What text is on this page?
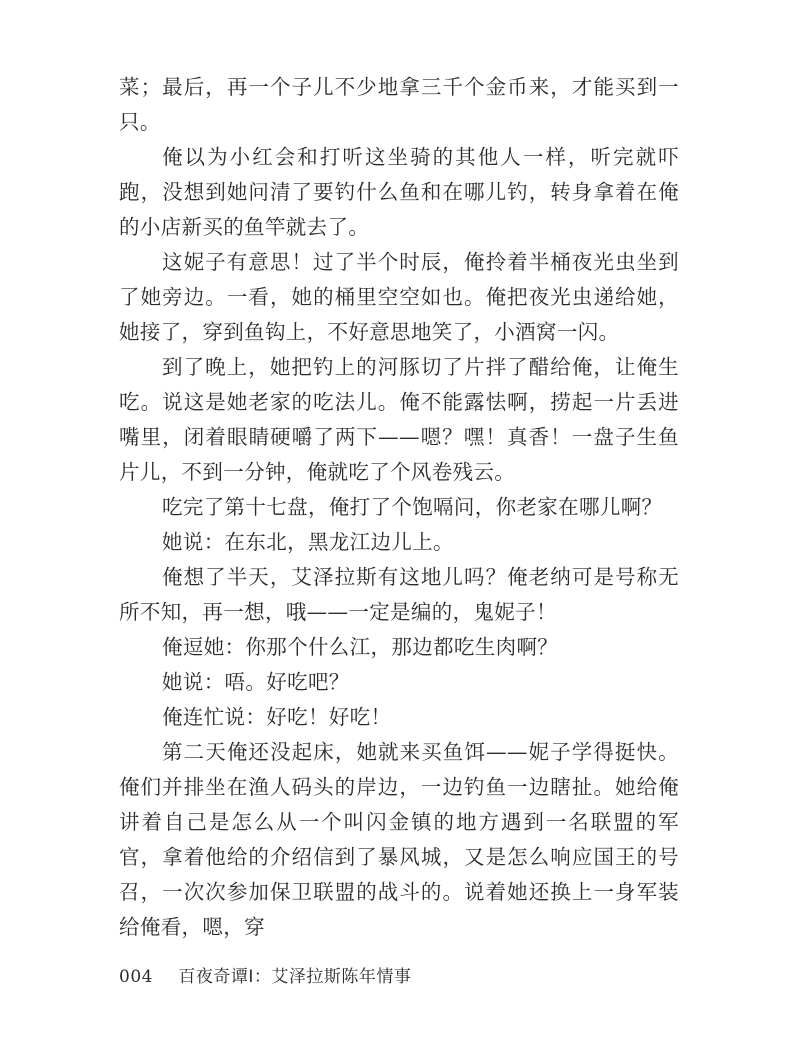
菜；最后，再一个子儿不少地拿三千个金币来，才能买到一只。

俺以为小红会和打听这坐骑的其他人一样，听完就吓跑，没想到她问清了要钓什么鱼和在哪儿钓，转身拿着在俺的小店新买的鱼竿就去了。

这妮子有意思！过了半个时辰，俺拎着半桶夜光虫坐到了她旁边。一看，她的桶里空空如也。俺把夜光虫递给她，她接了，穿到鱼钩上，不好意思地笑了，小酒窝一闪。

到了晚上，她把钓上的河豚切了片拌了醋给俺，让俺生吃。说这是她老家的吃法儿。俺不能露怯啊，捞起一片丢进嘴里，闭着眼睛硬嚼了两下——嗯？嘿！真香！一盘子生鱼片儿，不到一分钟，俺就吃了个风卷残云。

吃完了第十七盘，俺打了个饱嗝问，你老家在哪儿啊？

她说：在东北，黑龙江边儿上。

俺想了半天，艾泽拉斯有这地儿吗？俺老纳可是号称无所不知，再一想，哦——一定是编的，鬼妮子！

俺逗她：你那个什么江，那边都吃生肉啊？

她说：唔。好吃吧？

俺连忙说：好吃！好吃！

第二天俺还没起床，她就来买鱼饵——妮子学得挺快。俺们并排坐在渔人码头的岸边，一边钓鱼一边瞎扯。她给俺讲着自己是怎么从一个叫闪金镇的地方遇到一名联盟的军官，拿着他给的介绍信到了暴风城，又是怎么响应国王的号召，一次次参加保卫联盟的战斗的。说着她还换上一身军装给俺看，嗯，穿

004 百夜奇谭Ⅰ：艾泽拉斯陈年情事
